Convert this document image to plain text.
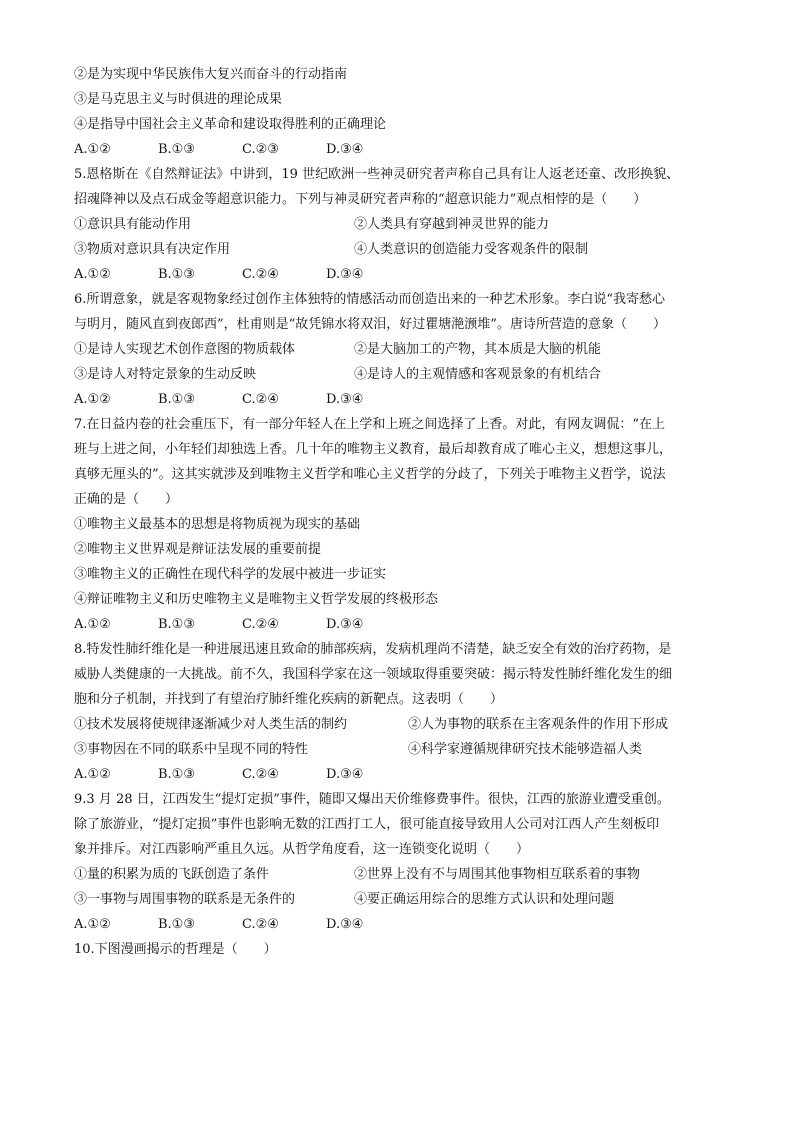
②是为实现中华民族伟大复兴而奋斗的行动指南
③是马克思主义与时俱进的理论成果
④是指导中国社会主义革命和建设取得胜利的正确理论
A.①②	B.①③	C.②③	D.③④
5.恩格斯在《自然辩证法》中讲到，19 世纪欧洲一些神灵研究者声称自己具有让人返老还童、改形换貌、
招魂降神以及点石成金等超意识能力。下列与神灵研究者声称的“超意识能力”观点相悖的是（　　）
①意识具有能动作用	②人类具有穿越到神灵世界的能力
③物质对意识具有决定作用	④人类意识的创造能力受客观条件的限制
A.①②	B.①③	C.②④	D.③④
6.所谓意象，就是客观物象经过创作主体独特的情感活动而创造出来的一种艺术形象。李白说“我寄愁心
与明月，随风直到夜郎西”，杜甫则是“故凭锦水将双泪，好过瞿塘滟滪堆”。唐诗所营造的意象（　　）
①是诗人实现艺术创作意图的物质载体	②是大脑加工的产物，其本质是大脑的机能
③是诗人对特定景象的生动反映	④是诗人的主观情感和客观景象的有机结合
A.①②	B.①③	C.②④	D.③④
7.在日益内卷的社会重压下，有一部分年轻人在上学和上班之间选择了上香。对此，有网友调侃：“在上
班与上进之间，小年轻们却独选上香。几十年的唯物主义教育，最后却教育成了唯心主义，想想这事儿，
真够无厘头的”。这其实就涉及到唯物主义哲学和唯心主义哲学的分歧了，下列关于唯物主义哲学，说法
正确的是（　　）
①唯物主义最基本的思想是将物质视为现实的基础
②唯物主义世界观是辩证法发展的重要前提
③唯物主义的正确性在现代科学的发展中被进一步证实
④辩证唯物主义和历史唯物主义是唯物主义哲学发展的终极形态
A.①②	B.①③	C.②④	D.③④
8.特发性肺纤维化是一种进展迅速且致命的肺部疾病，发病机理尚不清楚，缺乏安全有效的治疗药物，是
威胁人类健康的一大挑战。前不久，我国科学家在这一领域取得重要突破：揭示特发性肺纤维化发生的细
胞和分子机制，并找到了有望治疗肺纤维化疾病的新靶点。这表明（　　）
①技术发展将使规律逐渐减少对人类生活的制约	②人为事物的联系在主客观条件的作用下形成
③事物因在不同的联系中呈现不同的特性	④科学家遵循规律研究技术能够造福人类
A.①②	B.①③	C.②④	D.③④
9.3 月 28 日，江西发生“提灯定损”事件，随即又爆出天价维修费事件。很快，江西的旅游业遭受重创。
除了旅游业，“提灯定损”事件也影响无数的江西打工人，很可能直接导致用人公司对江西人产生刻板印
象并排斥。对江西影响严重且久远。从哲学角度看，这一连锁变化说明（　　）
①量的积累为质的飞跃创造了条件	②世界上没有不与周围其他事物相互联系着的事物
③一事物与周围事物的联系是无条件的	④要正确运用综合的思维方式认识和处理问题
A.①②	B.①③	C.②④	D.③④
10.下图漫画揭示的哲理是（　　）
